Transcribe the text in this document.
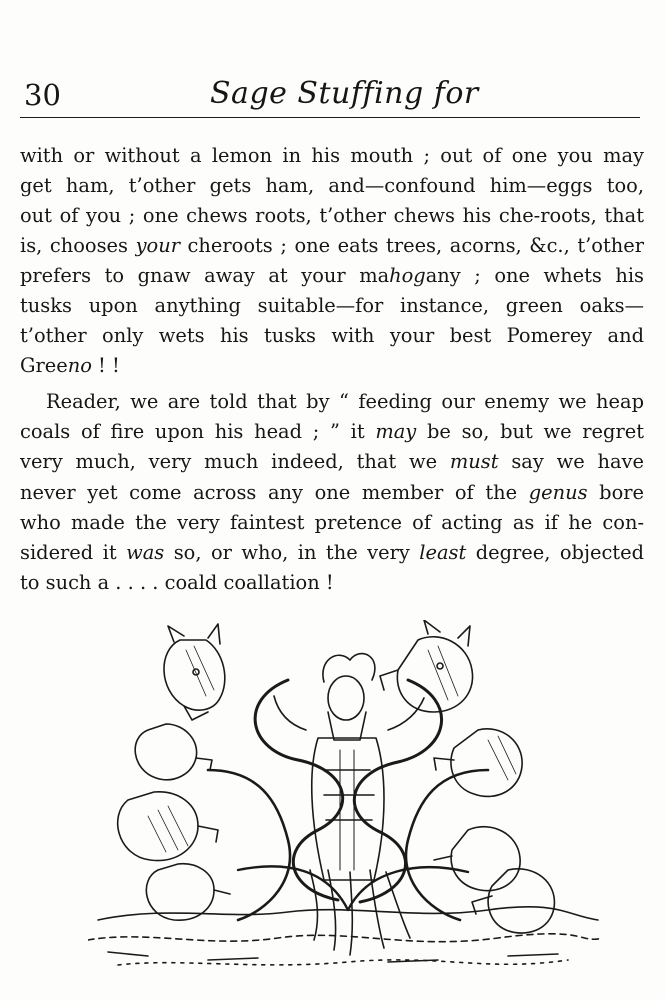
30	Sage Stuffing for
with or without a lemon in his mouth ; out of one you may
get ham, t’other gets ham, and—confound him—eggs too,
out of you ; one chews roots, t’other chews his che-roots, that
is, chooses your cheroots ; one eats trees, acorns, &c., t’other
prefers to gnaw away at your mahogany ; one whets his
tusks upon anything suitable—for instance, green oaks—
t’other only wets his tusks with your best Pomerey and
Greeno ! !
Reader, we are told that by “ feeding our enemy we heap
coals of fire upon his head ; ” it may be so, but we regret
very much, very much indeed, that we must say we have
never yet come across any one member of the genus bore
who made the very faintest pretence of acting as if he con-
sidered it was so, or who, in the very least degree, objected
to such a . . . . coald coallation !
